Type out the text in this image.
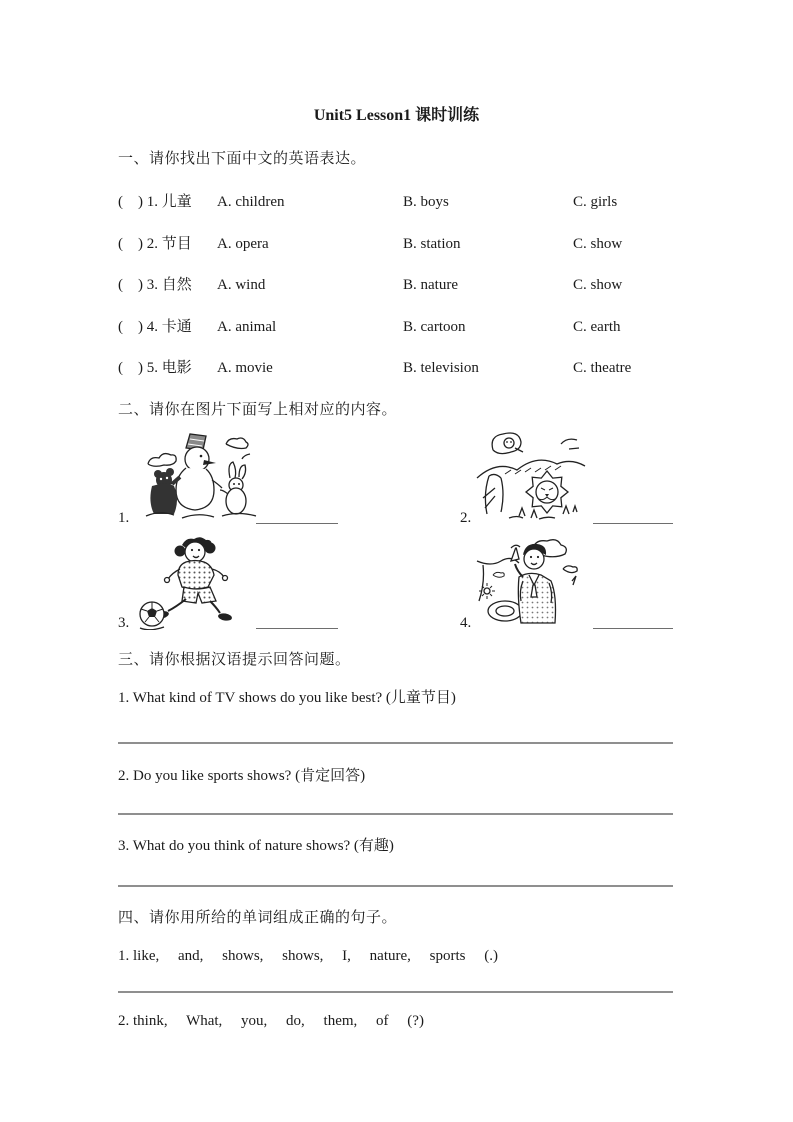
Unit5 Lesson1 课时训练
一、请你找出下面中文的英语表达。
(　) 1. 儿童	A. children	B. boys	C. girls
(　) 2. 节目	A. opera	B. station	C. show
(　) 3. 自然	A. wind	B. nature	C. show
(　) 4. 卡通	A. animal	B. cartoon	C. earth
(　) 5. 电影	A. movie	B. television	C. theatre
二、请你在图片下面写上相对应的内容。
1.	2.
3.	4.
三、请你根据汉语提示回答问题。
1. What kind of TV shows do you like best? (儿童节目)
2. Do you like sports shows? (肯定回答)
3. What do you think of nature shows? (有趣)
四、请你用所给的单词组成正确的句子。
1. like,     and,     shows,     shows,     I,     nature,     sports     (.)
2. think,     What,     you,     do,     them,     of     (?)
